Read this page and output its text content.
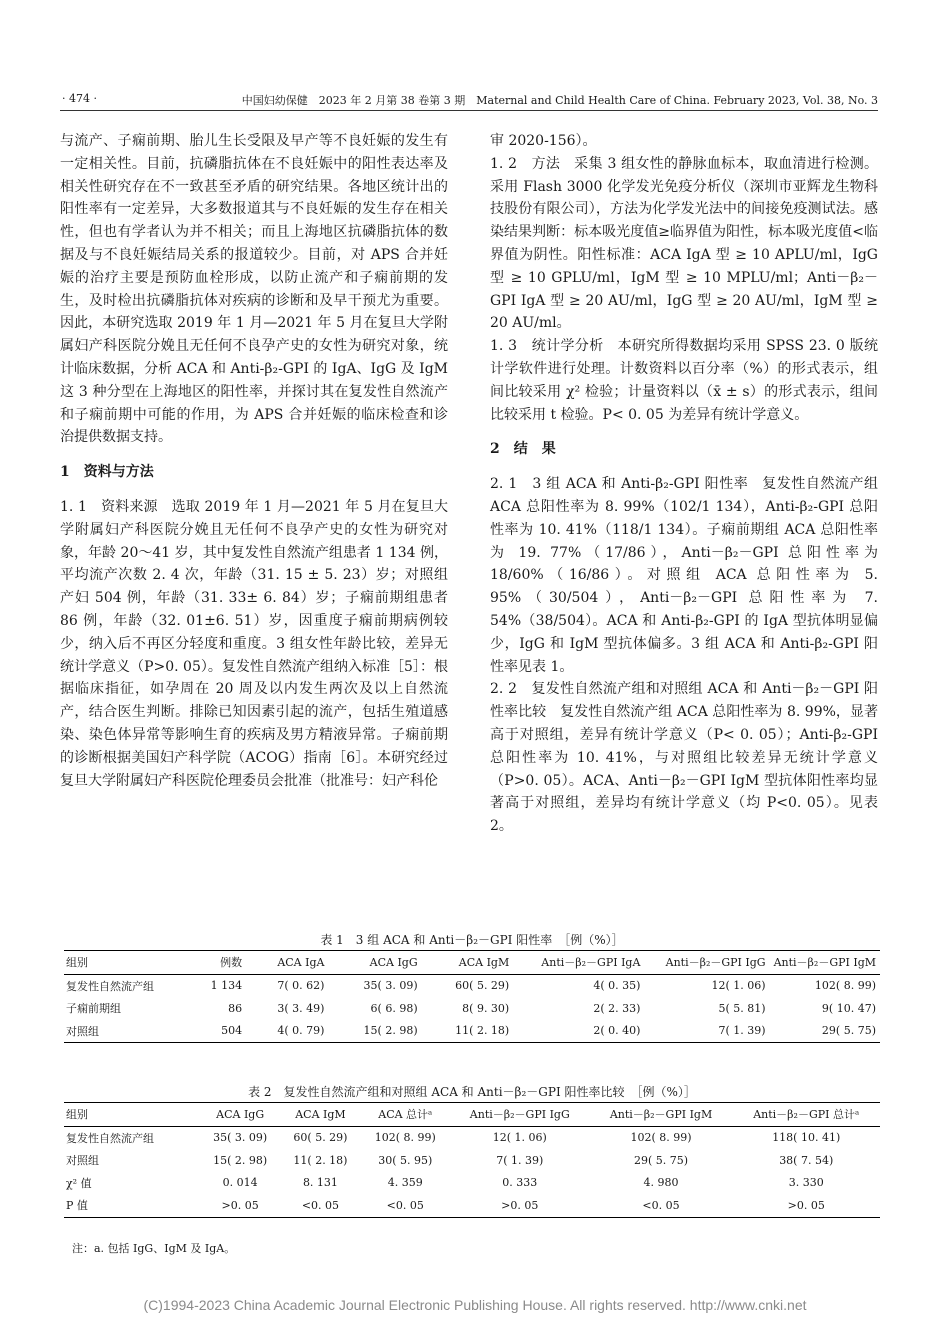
· 474 ·	中国妇幼保健　2023 年 2 月第 38 卷第 3 期　Maternal and Child Health Care of China. February 2023, Vol. 38, No. 3

与流产、子痫前期、胎儿生长受限及早产等不良妊娠的发生有一定相关性。目前，抗磷脂抗体在不良妊娠中的阳性表达率及相关性研究存在不一致甚至矛盾的研究结果。各地区统计出的阳性率有一定差异，大多数报道其与不良妊娠的发生存在相关性，但也有学者认为并不相关；而且上海地区抗磷脂抗体的数据及与不良妊娠结局关系的报道较少。目前，对 APS 合并妊娠的治疗主要是预防血栓形成，以防止流产和子痫前期的发生，及时检出抗磷脂抗体对疾病的诊断和及早干预尤为重要。因此，本研究选取 2019 年 1 月—2021 年 5 月在复旦大学附属妇产科医院分娩且无任何不良孕产史的女性为研究对象，统计临床数据，分析 ACA 和 Anti-β₂-GPI 的 IgA、IgG 及 IgM 这 3 种分型在上海地区的阳性率，并探讨其在复发性自然流产和子痫前期中可能的作用，为 APS 合并妊娠的临床检查和诊治提供数据支持。

1　资料与方法

1. 1　资料来源 选取 2019 年 1 月—2021 年 5 月在复旦大学附属妇产科医院分娩且无任何不良孕产史的女性为研究对象，年龄 20～41 岁，其中复发性自然流产组患者 1 134 例，平均流产次数 2. 4 次，年龄（31. 15 ± 5. 23）岁；对照组产妇 504 例，年龄（31. 33± 6. 84）岁；子痫前期组患者 86 例，年龄（32. 01±6. 51）岁，因重度子痫前期病例较少，纳入后不再区分轻度和重度。3 组女性年龄比较，差异无统计学意义（P>0. 05）。复发性自然流产组纳入标准［5］：根据临床指征，如孕周在 20 周及以内发生两次及以上自然流产，结合医生判断。排除已知因素引起的流产，包括生殖道感染、染色体异常等影响生育的疾病及男方精液异常。子痫前期的诊断根据美国妇产科学院（ACOG）指南［6］。本研究经过复旦大学附属妇产科医院伦理委员会批准（批准号：妇产科伦

审 2020-156）。

1. 2　方法 采集 3 组女性的静脉血标本，取血清进行检测。采用 Flash 3000 化学发光免疫分析仪（深圳市亚辉龙生物科技股份有限公司），方法为化学发光法中的间接免疫测试法。感染结果判断：标本吸光度值≥临界值为阳性，标本吸光度值<临界值为阴性。阳性标准：ACA IgA 型 ≥ 10 APLU/ml，IgG 型 ≥ 10 GPLU/ml，IgM 型 ≥ 10 MPLU/ml；Anti－β₂－GPI IgA 型 ≥ 20 AU/ml，IgG 型 ≥ 20 AU/ml，IgM 型 ≥ 20 AU/ml。

1. 3　统计学分析 本研究所得数据均采用 SPSS 23. 0 版统计学软件进行处理。计数资料以百分率（%）的形式表示，组间比较采用 χ² 检验；计量资料以（x̄ ± s）的形式表示，组间比较采用 t 检验。P< 0. 05 为差异有统计学意义。

2　结　果

2. 1　3 组 ACA 和 Anti-β₂-GPI 阳性率 复发性自然流产组 ACA 总阳性率为 8. 99%（102/1 134），Anti-β₂-GPI 总阳性率为 10. 41%（118/1 134）。子痫前期组 ACA 总阳性率为 19. 77%（17/86），Anti－β₂－GPI 总阳性率为 18/60%（16/86）。对照组 ACA 总阳性率为 5. 95%（30/504），Anti－β₂－GPI 总阳性率为 7. 54%（38/504）。ACA 和 Anti-β₂-GPI 的 IgA 型抗体明显偏少，IgG 和 IgM 型抗体偏多。3 组 ACA 和 Anti-β₂-GPI 阳性率见表 1。

2. 2　复发性自然流产组和对照组 ACA 和 Anti－β₂－GPI 阳性率比较 复发性自然流产组 ACA 总阳性率为 8. 99%，显著高于对照组，差异有统计学意义（P< 0. 05）；Anti-β₂-GPI 总阳性率为 10. 41%，与对照组比较差异无统计学意义（P>0. 05）。ACA、Anti－β₂－GPI IgM 型抗体阳性率均显著高于对照组，差异均有统计学意义（均 P<0. 05）。见表 2。

表 1　3 组 ACA 和 Anti－β₂－GPI 阳性率　［例（%）］
组别	例数	ACA IgA	ACA IgG	ACA IgM	Anti－β₂－GPI IgA	Anti－β₂－GPI IgG	Anti－β₂－GPI IgM
复发性自然流产组	1 134	7( 0. 62)	35( 3. 09)	60( 5. 29)	4( 0. 35)	12( 1. 06)	102( 8. 99)
子痫前期组	86	3( 3. 49)	6( 6. 98)	8( 9. 30)	2( 2. 33)	5( 5. 81)	9( 10. 47)
对照组	504	4( 0. 79)	15( 2. 98)	11( 2. 18)	2( 0. 40)	7( 1. 39)	29( 5. 75)
表 2　复发性自然流产组和对照组 ACA 和 Anti－β₂－GPI 阳性率比较　［例（%）］
组别	ACA IgG	ACA IgM	ACA 总计ᵃ	Anti－β₂－GPI IgG	Anti－β₂－GPI IgM	Anti－β₂－GPI 总计ᵃ
复发性自然流产组	35( 3. 09)	60( 5. 29)	102( 8. 99)	12( 1. 06)	102( 8. 99)	118( 10. 41)
对照组	15( 2. 98)	11( 2. 18)	30( 5. 95)	7( 1. 39)	29( 5. 75)	38( 7. 54)
χ² 值	0. 014	8. 131	4. 359	0. 333	4. 980	3. 330
P 值	>0. 05	<0. 05	<0. 05	>0. 05	<0. 05	>0. 05
注：a. 包括 IgG、IgM 及 IgA。
(C)1994-2023 China Academic Journal Electronic Publishing House. All rights reserved. http://www.cnki.net
